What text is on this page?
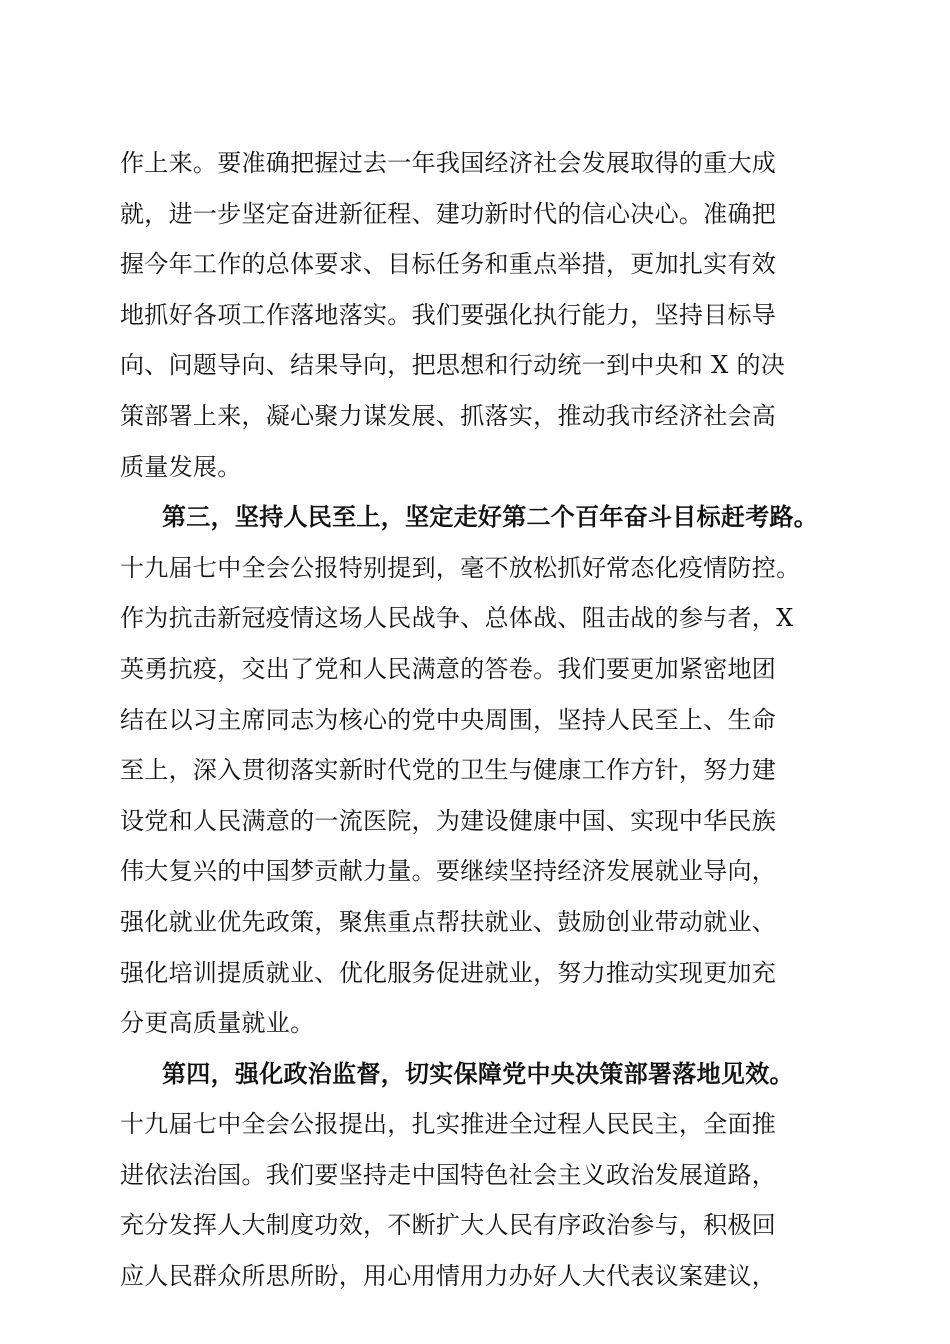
作上来。要准确把握过去一年我国经济社会发展取得的重大成
就，进一步坚定奋进新征程、建功新时代的信心决心。准确把
握今年工作的总体要求、目标任务和重点举措，更加扎实有效
地抓好各项工作落地落实。我们要强化执行能力，坚持目标导
向、问题导向、结果导向，把思想和行动统一到中央和 X 的决
策部署上来，凝心聚力谋发展、抓落实，推动我市经济社会高
质量发展。
第三，坚持人民至上，坚定走好第二个百年奋斗目标赶考路。
十九届七中全会公报特别提到，毫不放松抓好常态化疫情防控。
作为抗击新冠疫情这场人民战争、总体战、阻击战的参与者，X
英勇抗疫，交出了党和人民满意的答卷。我们要更加紧密地团
结在以习主席同志为核心的党中央周围，坚持人民至上、生命
至上，深入贯彻落实新时代党的卫生与健康工作方针，努力建
设党和人民满意的一流医院，为建设健康中国、实现中华民族
伟大复兴的中国梦贡献力量。要继续坚持经济发展就业导向，
强化就业优先政策，聚焦重点帮扶就业、鼓励创业带动就业、
强化培训提质就业、优化服务促进就业，努力推动实现更加充
分更高质量就业。
第四，强化政治监督，切实保障党中央决策部署落地见效。
十九届七中全会公报提出，扎实推进全过程人民民主，全面推
进依法治国。我们要坚持走中国特色社会主义政治发展道路，
充分发挥人大制度功效，不断扩大人民有序政治参与，积极回
应人民群众所思所盼，用心用情用力办好人大代表议案建议，
